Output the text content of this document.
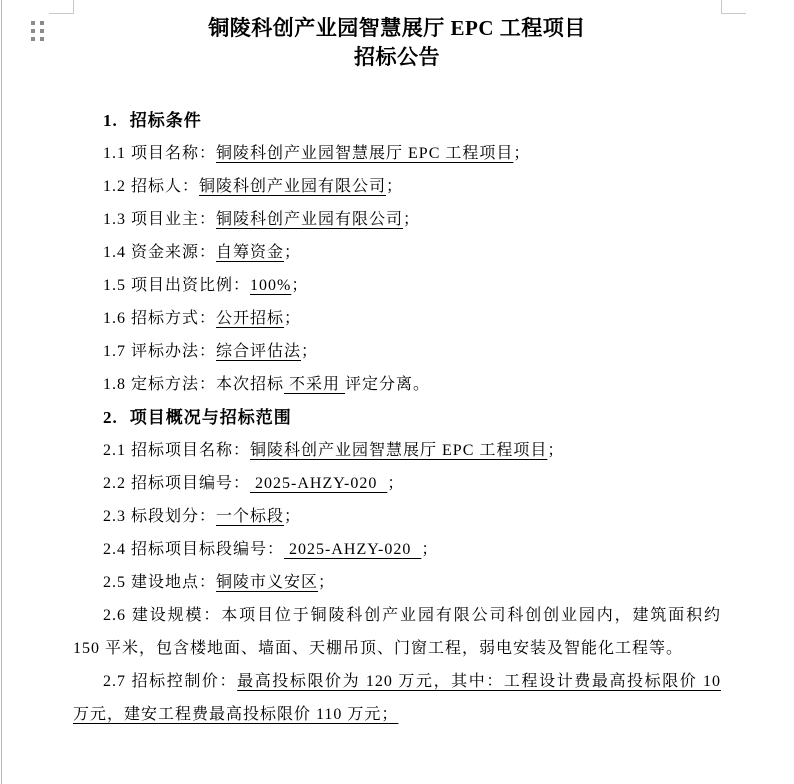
铜陵科创产业园智慧展厅 EPC 工程项目
招标公告

1. 招标条件

1.1 项目名称：铜陵科创产业园智慧展厅 EPC 工程项目；

1.2 招标人：铜陵科创产业园有限公司；

1.3 项目业主：铜陵科创产业园有限公司；

1.4 资金来源：自筹资金；

1.5 项目出资比例：100%；

1.6 招标方式：公开招标；

1.7 评标办法：综合评估法；

1.8 定标方法：本次招标 不采用 评定分离。

2. 项目概况与招标范围

2.1 招标项目名称：铜陵科创产业园智慧展厅 EPC 工程项目；

2.2 招标项目编号： 2025-AHZY-020  ；

2.3 标段划分：一个标段；

2.4 招标项目标段编号： 2025-AHZY-020  ；

2.5 建设地点：铜陵市义安区；

2.6 建设规模：本项目位于铜陵科创产业园有限公司科创创业园内，建筑面积约 150 平米，包含楼地面、墙面、天棚吊顶、门窗工程，弱电安装及智能化工程等。

2.7 招标控制价：最高投标限价为 120 万元，其中：工程设计费最高投标限价 10 万元，建安工程费最高投标限价 110 万元；
